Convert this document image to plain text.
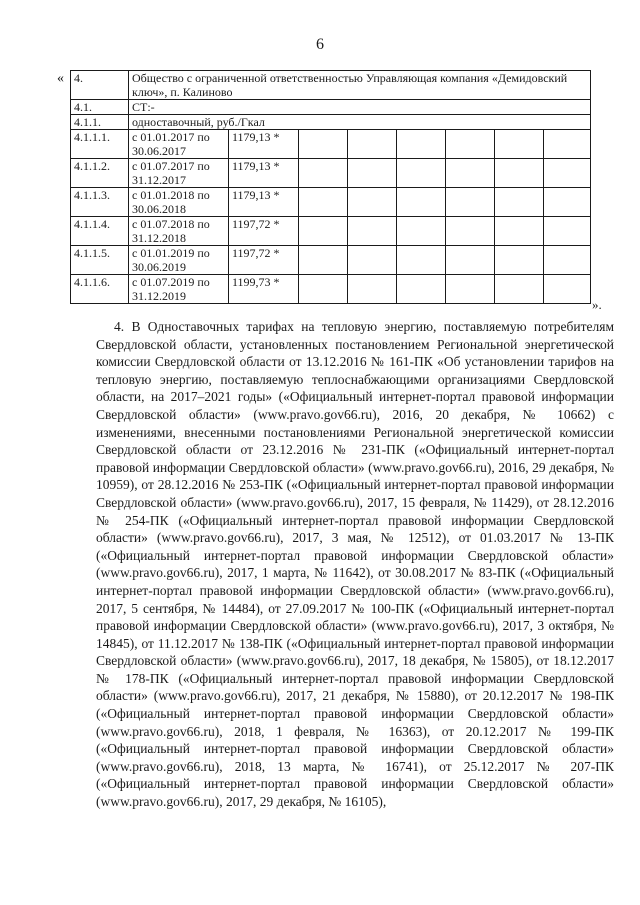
6
« 4.	Общество с ограниченной ответственностью Управляющая компания «Демидовский ключ», п. Калиново							
4.1.	СТ:-							
4.1.1.	одноставочный, руб./Гкал							
4.1.1.1.	с 01.01.2017 по 30.06.2017	1179,13 *						
4.1.1.2.	с 01.07.2017 по 31.12.2017	1179,13 *						
4.1.1.3.	с 01.01.2018 по 30.06.2018	1179,13 *						
4.1.1.4.	с 01.07.2018 по 31.12.2018	1197,72 *						
4.1.1.5.	с 01.01.2019 по 30.06.2019	1197,72 *						
4.1.1.6.	с 01.07.2019 по 31.12.2019	1199,73 *						
».

4. В Одноставочных тарифах на тепловую энергию, поставляемую потребителям Свердловской области, установленных постановлением Региональной энергетической комиссии Свердловской области от 13.12.2016 № 161-ПК «Об установлении тарифов на тепловую энергию, поставляемую теплоснабжающими организациями Свердловской области, на 2017–2021 годы» («Официальный интернет-портал правовой информации Свердловской области» (www.pravo.gov66.ru), 2016, 20 декабря, № 10662) с изменениями, внесенными постановлениями Региональной энергетической комиссии Свердловской области от 23.12.2016 № 231-ПК («Официальный интернет-портал правовой информации Свердловской области» (www.pravo.gov66.ru), 2016, 29 декабря, № 10959), от 28.12.2016 № 253-ПК («Официальный интернет-портал правовой информации Свердловской области» (www.pravo.gov66.ru), 2017, 15 февраля, № 11429), от 28.12.2016 № 254-ПК («Официальный интернет-портал правовой информации Свердловской области» (www.pravo.gov66.ru), 2017, 3 мая, № 12512), от 01.03.2017 № 13-ПК («Официальный интернет-портал правовой информации Свердловской области» (www.pravo.gov66.ru), 2017, 1 марта, № 11642), от 30.08.2017 № 83-ПК («Официальный интернет-портал правовой информации Свердловской области» (www.pravo.gov66.ru), 2017, 5 сентября, № 14484), от 27.09.2017 № 100-ПК («Официальный интернет-портал правовой информации Свердловской области» (www.pravo.gov66.ru), 2017, 3 октября, № 14845), от 11.12.2017 № 138-ПК («Официальный интернет-портал правовой информации Свердловской области» (www.pravo.gov66.ru), 2017, 18 декабря, № 15805), от 18.12.2017 № 178-ПК («Официальный интернет-портал правовой информации Свердловской области» (www.pravo.gov66.ru), 2017, 21 декабря, № 15880), от 20.12.2017 № 198-ПК («Официальный интернет-портал правовой информации Свердловской области» (www.pravo.gov66.ru), 2018, 1 февраля, № 16363), от 20.12.2017 № 199-ПК («Официальный интернет-портал правовой информации Свердловской области» (www.pravo.gov66.ru), 2018, 13 марта, № 16741), от 25.12.2017 № 207-ПК («Официальный интернет-портал правовой информации Свердловской области» (www.pravo.gov66.ru), 2017, 29 декабря, № 16105),
